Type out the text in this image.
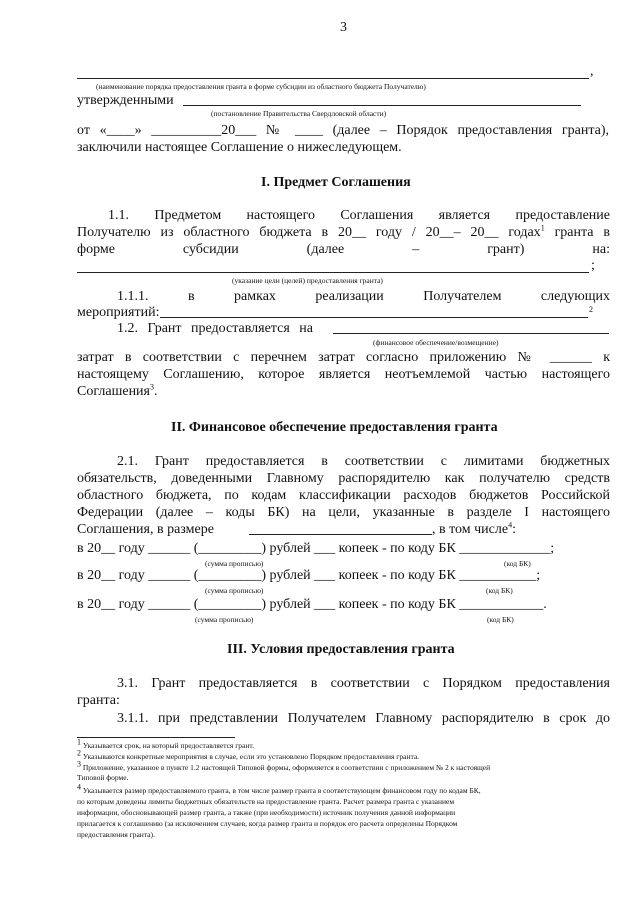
3
,
(наименование порядка предоставления гранта в форме субсидии из областного бюджета Получателю)
утвержденными
(постановление Правительства Свердловской области)
от «____» __________20___ № ____ (далее – Порядок предоставления гранта),
заключили настоящее Соглашение о нижеследующем.
I. Предмет Соглашения
1.1. Предметом настоящего Соглашения является предоставление
Получателю из областного бюджета в 20__ году / 20__– 20__ годах$^1$ гранта в
форме субсидии (далее – грант) на:
;
(указание цели (целей) предоставления гранта)
1.1.1. в рамках реализации Получателем следующих
мероприятий:	2
1.2. Грант предоставляется на
(финансовое обеспечение/возмещение)
затрат в соответствии с перечнем затрат согласно приложению № ______ к
настоящему Соглашению, которое является неотъемлемой частью настоящего
Соглашения$^3$.
II. Финансовое обеспечение предоставления гранта
2.1. Грант предоставляется в соответствии с лимитами бюджетных
обязательств, доведенными Главному распорядителю как получателю средств
областного бюджета, по кодам классификации расходов бюджетов Российской
Федерации (далее – коды БК) на цели, указанные в разделе I настоящего
Соглашения, в размере	, в том числе$^4$:
в 20__ году ______ (_________) рублей ___ копеек - по коду БК _____________;
(сумма прописью)	(код БК)
в 20__ году ______ (_________) рублей ___ копеек - по коду БК ___________;
(сумма прописью)	(код БК)
в 20__ году ______ (_________) рублей ___ копеек - по коду БК ____________.
(сумма прописью)	(код БК)
III. Условия предоставления гранта
3.1. Грант предоставляется в соответствии с Порядком предоставления
гранта:
3.1.1. при представлении Получателем Главному распорядителю в срок до
$^1$ Указывается срок, на который предоставляется грант.
$^2$ Указываются конкретные мероприятия в случае, если это установлено Порядком предоставления гранта.
$^3$ Приложение, указанное в пункте 1.2 настоящей Типовой формы, оформляется в соответствии с приложением № 2 к настоящей
Типовой форме.
$^4$ Указывается размер предоставляемого гранта, в том числе размер гранта в соответствующем финансовом году по кодам БК,
по которым доведены лимиты бюджетных обязательств на предоставление гранта. Расчет размера гранта с указанием
информации, обосновывающей размер гранта, а также (при необходимости) источник получения данной информации
прилагается к соглашению (за исключением случаев, когда размер гранта и порядок его расчета определены Порядком
предоставления гранта).
